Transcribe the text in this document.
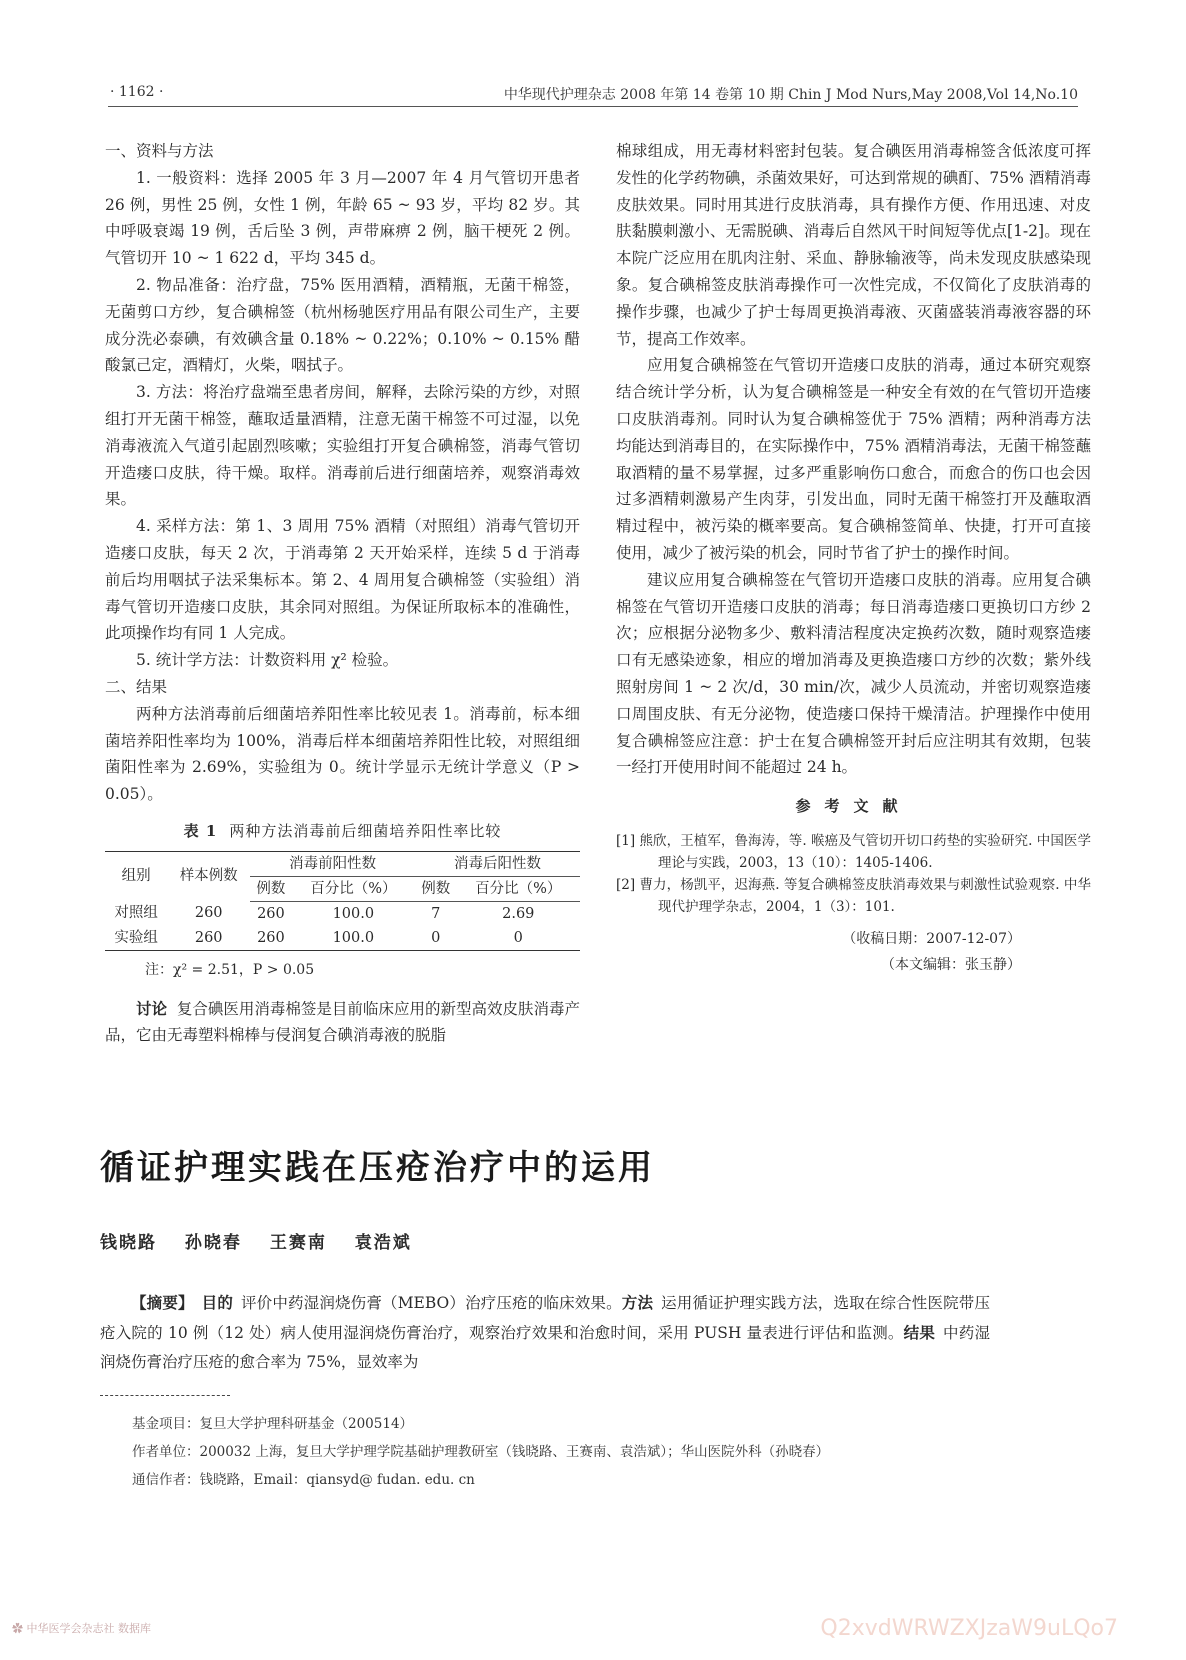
· 1162 ·	中华现代护理杂志 2008 年第 14 卷第 10 期 Chin J Mod Nurs,May 2008,Vol 14,No.10

一、资料与方法

1. 一般资料：选择 2005 年 3 月—2007 年 4 月气管切开患者 26 例，男性 25 例，女性 1 例，年龄 65 ~ 93 岁，平均 82 岁。其中呼吸衰竭 19 例，舌后坠 3 例，声带麻痹 2 例，脑干梗死 2 例。气管切开 10 ~ 1 622 d，平均 345 d。

2. 物品准备：治疗盘，75% 医用酒精，酒精瓶，无菌干棉签，无菌剪口方纱，复合碘棉签（杭州杨驰医疗用品有限公司生产，主要成分洗必泰碘，有效碘含量 0.18% ~ 0.22%；0.10% ~ 0.15% 醋酸氯己定，酒精灯，火柴，咽拭子。

3. 方法：将治疗盘端至患者房间，解释，去除污染的方纱，对照组打开无菌干棉签，蘸取适量酒精，注意无菌干棉签不可过湿，以免消毒液流入气道引起剧烈咳嗽；实验组打开复合碘棉签，消毒气管切开造瘘口皮肤，待干燥。取样。消毒前后进行细菌培养，观察消毒效果。

4. 采样方法：第 1、3 周用 75% 酒精（对照组）消毒气管切开造瘘口皮肤，每天 2 次，于消毒第 2 天开始采样，连续 5 d 于消毒前后均用咽拭子法采集标本。第 2、4 周用复合碘棉签（实验组）消毒气管切开造瘘口皮肤，其余同对照组。为保证所取标本的准确性，此项操作均有同 1 人完成。

5. 统计学方法：计数资料用 χ² 检验。

二、结果

两种方法消毒前后细菌培养阳性率比较见表 1。消毒前，标本细菌培养阳性率均为 100%，消毒后样本细菌培养阳性比较，对照组细菌阳性率为 2.69%，实验组为 0。统计学显示无统计学意义（P > 0.05）。

表 1 两种方法消毒前后细菌培养阳性率比较
组别	样本例数	消毒前阳性数		消毒后阳性数	
		例数	百分比（%）	例数	百分比（%）
对照组	260	260	100.0	7	2.69
实验组	260	260	100.0	0	0
注：χ² = 2.51，P > 0.05

讨论 复合碘医用消毒棉签是目前临床应用的新型高效皮肤消毒产品，它由无毒塑料棉棒与侵润复合碘消毒液的脱脂

棉球组成，用无毒材料密封包装。复合碘医用消毒棉签含低浓度可挥发性的化学药物碘，杀菌效果好，可达到常规的碘酊、75% 酒精消毒皮肤效果。同时用其进行皮肤消毒，具有操作方便、作用迅速、对皮肤黏膜刺激小、无需脱碘、消毒后自然风干时间短等优点[1-2]。现在本院广泛应用在肌肉注射、采血、静脉输液等，尚未发现皮肤感染现象。复合碘棉签皮肤消毒操作可一次性完成，不仅简化了皮肤消毒的操作步骤，也减少了护士每周更换消毒液、灭菌盛装消毒液容器的环节，提高工作效率。

应用复合碘棉签在气管切开造瘘口皮肤的消毒，通过本研究观察结合统计学分析，认为复合碘棉签是一种安全有效的在气管切开造瘘口皮肤消毒剂。同时认为复合碘棉签优于 75% 酒精；两种消毒方法均能达到消毒目的，在实际操作中，75% 酒精消毒法，无菌干棉签蘸取酒精的量不易掌握，过多严重影响伤口愈合，而愈合的伤口也会因过多酒精刺激易产生肉芽，引发出血，同时无菌干棉签打开及蘸取酒精过程中，被污染的概率要高。复合碘棉签简单、快捷，打开可直接使用，减少了被污染的机会，同时节省了护士的操作时间。

建议应用复合碘棉签在气管切开造瘘口皮肤的消毒。应用复合碘棉签在气管切开造瘘口皮肤的消毒；每日消毒造瘘口更换切口方纱 2 次；应根据分泌物多少、敷料清洁程度决定换药次数，随时观察造瘘口有无感染迹象，相应的增加消毒及更换造瘘口方纱的次数；紫外线照射房间 1 ~ 2 次/d，30 min/次，减少人员流动，并密切观察造瘘口周围皮肤、有无分泌物，使造瘘口保持干燥清洁。护理操作中使用复合碘棉签应注意：护士在复合碘棉签开封后应注明其有效期，包装一经打开使用时间不能超过 24 h。

参考文献
[1] 熊欣，王植军，鲁海涛，等. 喉癌及气管切开切口药垫的实验研究. 中国医学理论与实践，2003，13（10）：1405-1406.
[2] 曹力，杨凯平，迟海燕. 等复合碘棉签皮肤消毒效果与刺激性试验观察. 中华现代护理学杂志，2004，1（3）：101.
（收稿日期：2007-12-07）
（本文编辑：张玉静）
循证护理实践在压疮治疗中的运用
钱晓路 孙晓春 王赛南 袁浩斌

【摘要】 目的 评价中药湿润烧伤膏（MEBO）治疗压疮的临床效果。方法 运用循证护理实践方法，选取在综合性医院带压疮入院的 10 例（12 处）病人使用湿润烧伤膏治疗，观察治疗效果和治愈时间，采用 PUSH 量表进行评估和监测。结果 中药湿润烧伤膏治疗压疮的愈合率为 75%，显效率为

基金项目：复旦大学护理科研基金（200514）
作者单位：200032 上海，复旦大学护理学院基础护理教研室（钱晓路、王赛南、袁浩斌）；华山医院外科（孙晓春）
通信作者：钱晓路，Email：qiansyd@ fudan. edu. cn
✿ 中华医学会杂志社 数据库	Q2xvdWRWZXJzaW9uLQo7
